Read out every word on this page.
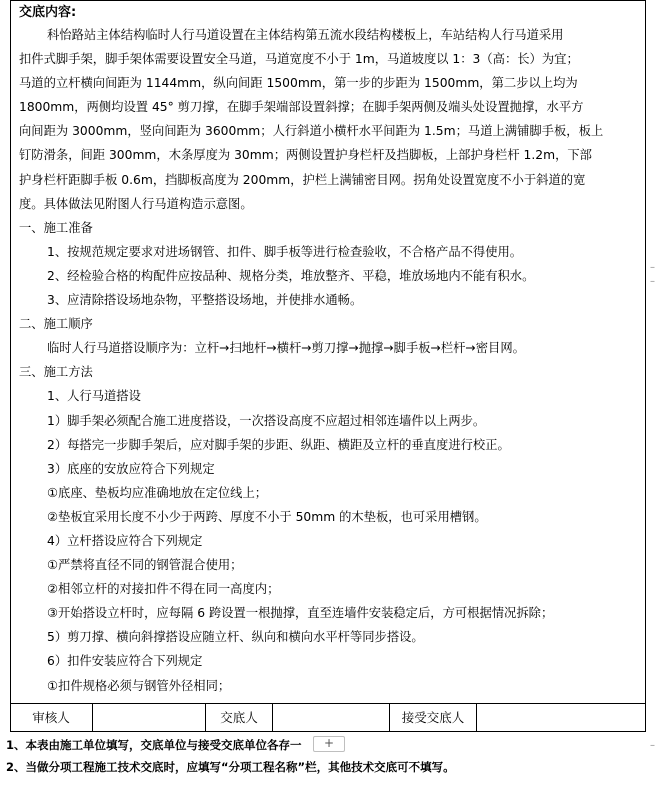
交底内容:
科怡路站主体结构临时人行马道设置在主体结构第五流水段结构楼板上，车站结构人行马道采用
扣件式脚手架，脚手架体需要设置安全马道，马道宽度不小于 1m，马道坡度以 1：3（高：长）为宜；
马道的立杆横向间距为 1144mm，纵向间距 1500mm，第一步的步距为 1500mm，第二步以上均为
1800mm，两侧均设置 45° 剪刀撑，在脚手架端部设置斜撑；在脚手架两侧及端头处设置抛撑，水平方
向间距为 3000mm，竖向间距为 3600mm；人行斜道小横杆水平间距为 1.5m；马道上满铺脚手板，板上
钉防滑条，间距 300mm，木条厚度为 30mm；两侧设置护身栏杆及挡脚板，上部护身栏杆 1.2m，下部
护身栏杆距脚手板 0.6m，挡脚板高度为 200mm，护栏上满铺密目网。拐角处设置宽度不小于斜道的宽
度。具体做法见附图人行马道构造示意图。
一、施工准备
1、按规范规定要求对进场钢管、扣件、脚手板等进行检查验收，不合格产品不得使用。
2、经检验合格的构配件应按品种、规格分类，堆放整齐、平稳，堆放场地内不能有积水。
3、应清除搭设场地杂物，平整搭设场地，并使排水通畅。
二、施工顺序
临时人行马道搭设顺序为：立杆→扫地杆→横杆→剪刀撑→抛撑→脚手板→栏杆→密目网。
三、施工方法
1、人行马道搭设
1）脚手架必须配合施工进度搭设，一次搭设高度不应超过相邻连墙件以上两步。
2）每搭完一步脚手架后，应对脚手架的步距、纵距、横距及立杆的垂直度进行校正。
3）底座的安放应符合下列规定
①底座、垫板均应准确地放在定位线上；
②垫板宜采用长度不小少于两跨、厚度不小于 50mm 的木垫板，也可采用槽钢。
4）立杆搭设应符合下列规定
①严禁将直径不同的钢管混合使用；
②相邻立杆的对接扣件不得在同一高度内；
③开始搭设立杆时，应每隔 6 跨设置一根抛撑，直至连墙件安装稳定后，方可根据情况拆除；
5）剪刀撑、横向斜撑搭设应随立杆、纵向和横向水平杆等同步搭设。
6）扣件安装应符合下列规定
①扣件规格必须与钢管外径相同；
审核人	交底人	接受交底人
1、本表由施工单位填写，交底单位与接受交底单位各存一	+
2、当做分项工程施工技术交底时，应填写“分项工程名称”栏，其他技术交底可不填写。
–
–
–
